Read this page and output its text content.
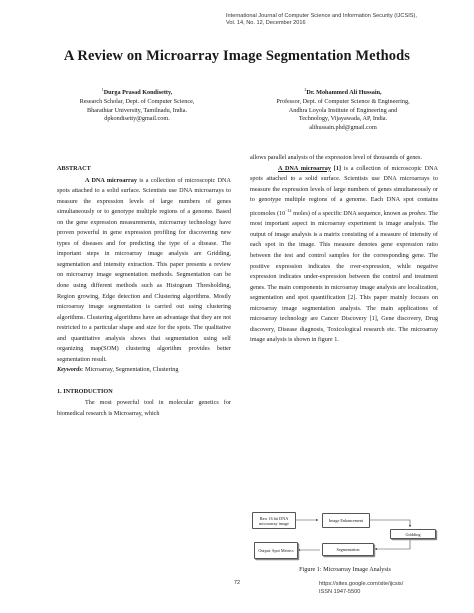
International Journal of Computer Science and Information Security (IJCSIS),
Vol. 14, No. 12, December 2016
A Review on Microarray Image Segmentation Methods
$^1$Durga Prasad Kondisetty,
Research Scholar, Dept. of Computer Science,
Bharathiar University, Tamilnadu, India.
dpkondisetty@gmail.com.
$^2$Dr. Mohammed Ali Hussain,
Professor, Dept. of Computer Science & Engineering,
Andhra Loyola Institute of Engineering and
Technology, Vijayawada, AP, India.
alihussain.phd@gmail.com

ABSTRACT

A DNA microarray is a collection of microscopic DNA spots attached to a solid surface. Scientists use DNA microarrays to measure the expression levels of large numbers of genes simultaneously or to genotype multiple regions of a genome. Based on the gene expression measurements, microarray technology have proven powerful in gene expression profiling for discovering new types of diseases and for predicting the type of a disease. The important steps in microarray image analysis are Gridding, segmentation and intensity extraction. This paper presents a review on microarray image segmentation methods. Segmentation can be done using different methods such as Histogram Thresholding, Region growing, Edge detection and Clustering algorithms. Mostly microarray image segmentation is carried out using clustering algorithms. Clustering algorithms have an advantage that they are not restricted to a particular shape and size for the spots. The qualitative and quantitative analysis shows that segmentation using self organizing map(SOM) clustering algorithm provides better segmentation result.

Keywords: Microarray, Segmentation, Clustering

1. INTRODUCTION

The most powerful tool in molecular genetics for biomedical research is Microarray, which

allows parallel analysis of the expression level of thousands of genes.

A DNA microarray [1] is a collection of microscopic DNA spots attached to a solid surface. Scientists use DNA microarrays to measure the expression levels of large numbers of genes simultaneously or to genotype multiple regions of a genome. Each DNA spot contains picomoles ($10^{-12}$ moles) of a specific DNA sequence, known as probes. The most important aspect in microarray experiment is image analysis. The output of image analysis is a matrix consisting of a measure of intensity of each spot in the image. This measure denotes gene expression ratio between the test and control samples for the corresponding gene. The positive expression indicates the over-expression, while negative expression indicates under-expression between the control and treatment genes. The main components in microarray image analysis are localization, segmentation and spot quantification [2]. This paper mainly focuses on microarray image segmentation analysis. The main applications of microarray technology are Cancer Discovery [1], Gene discovery, Drug discovery, Disease diagnosis, Toxicological research etc. The microarray image analysis is shown in figure 1.

Raw 16 bit DNA microarray image	Image Enhancement
Gridding
Segmentation
Output: Spot Metrics
Figure 1: Microarray Image Analysis
72	https://sites.google.com/site/ijcsis/
ISSN 1947-5500
